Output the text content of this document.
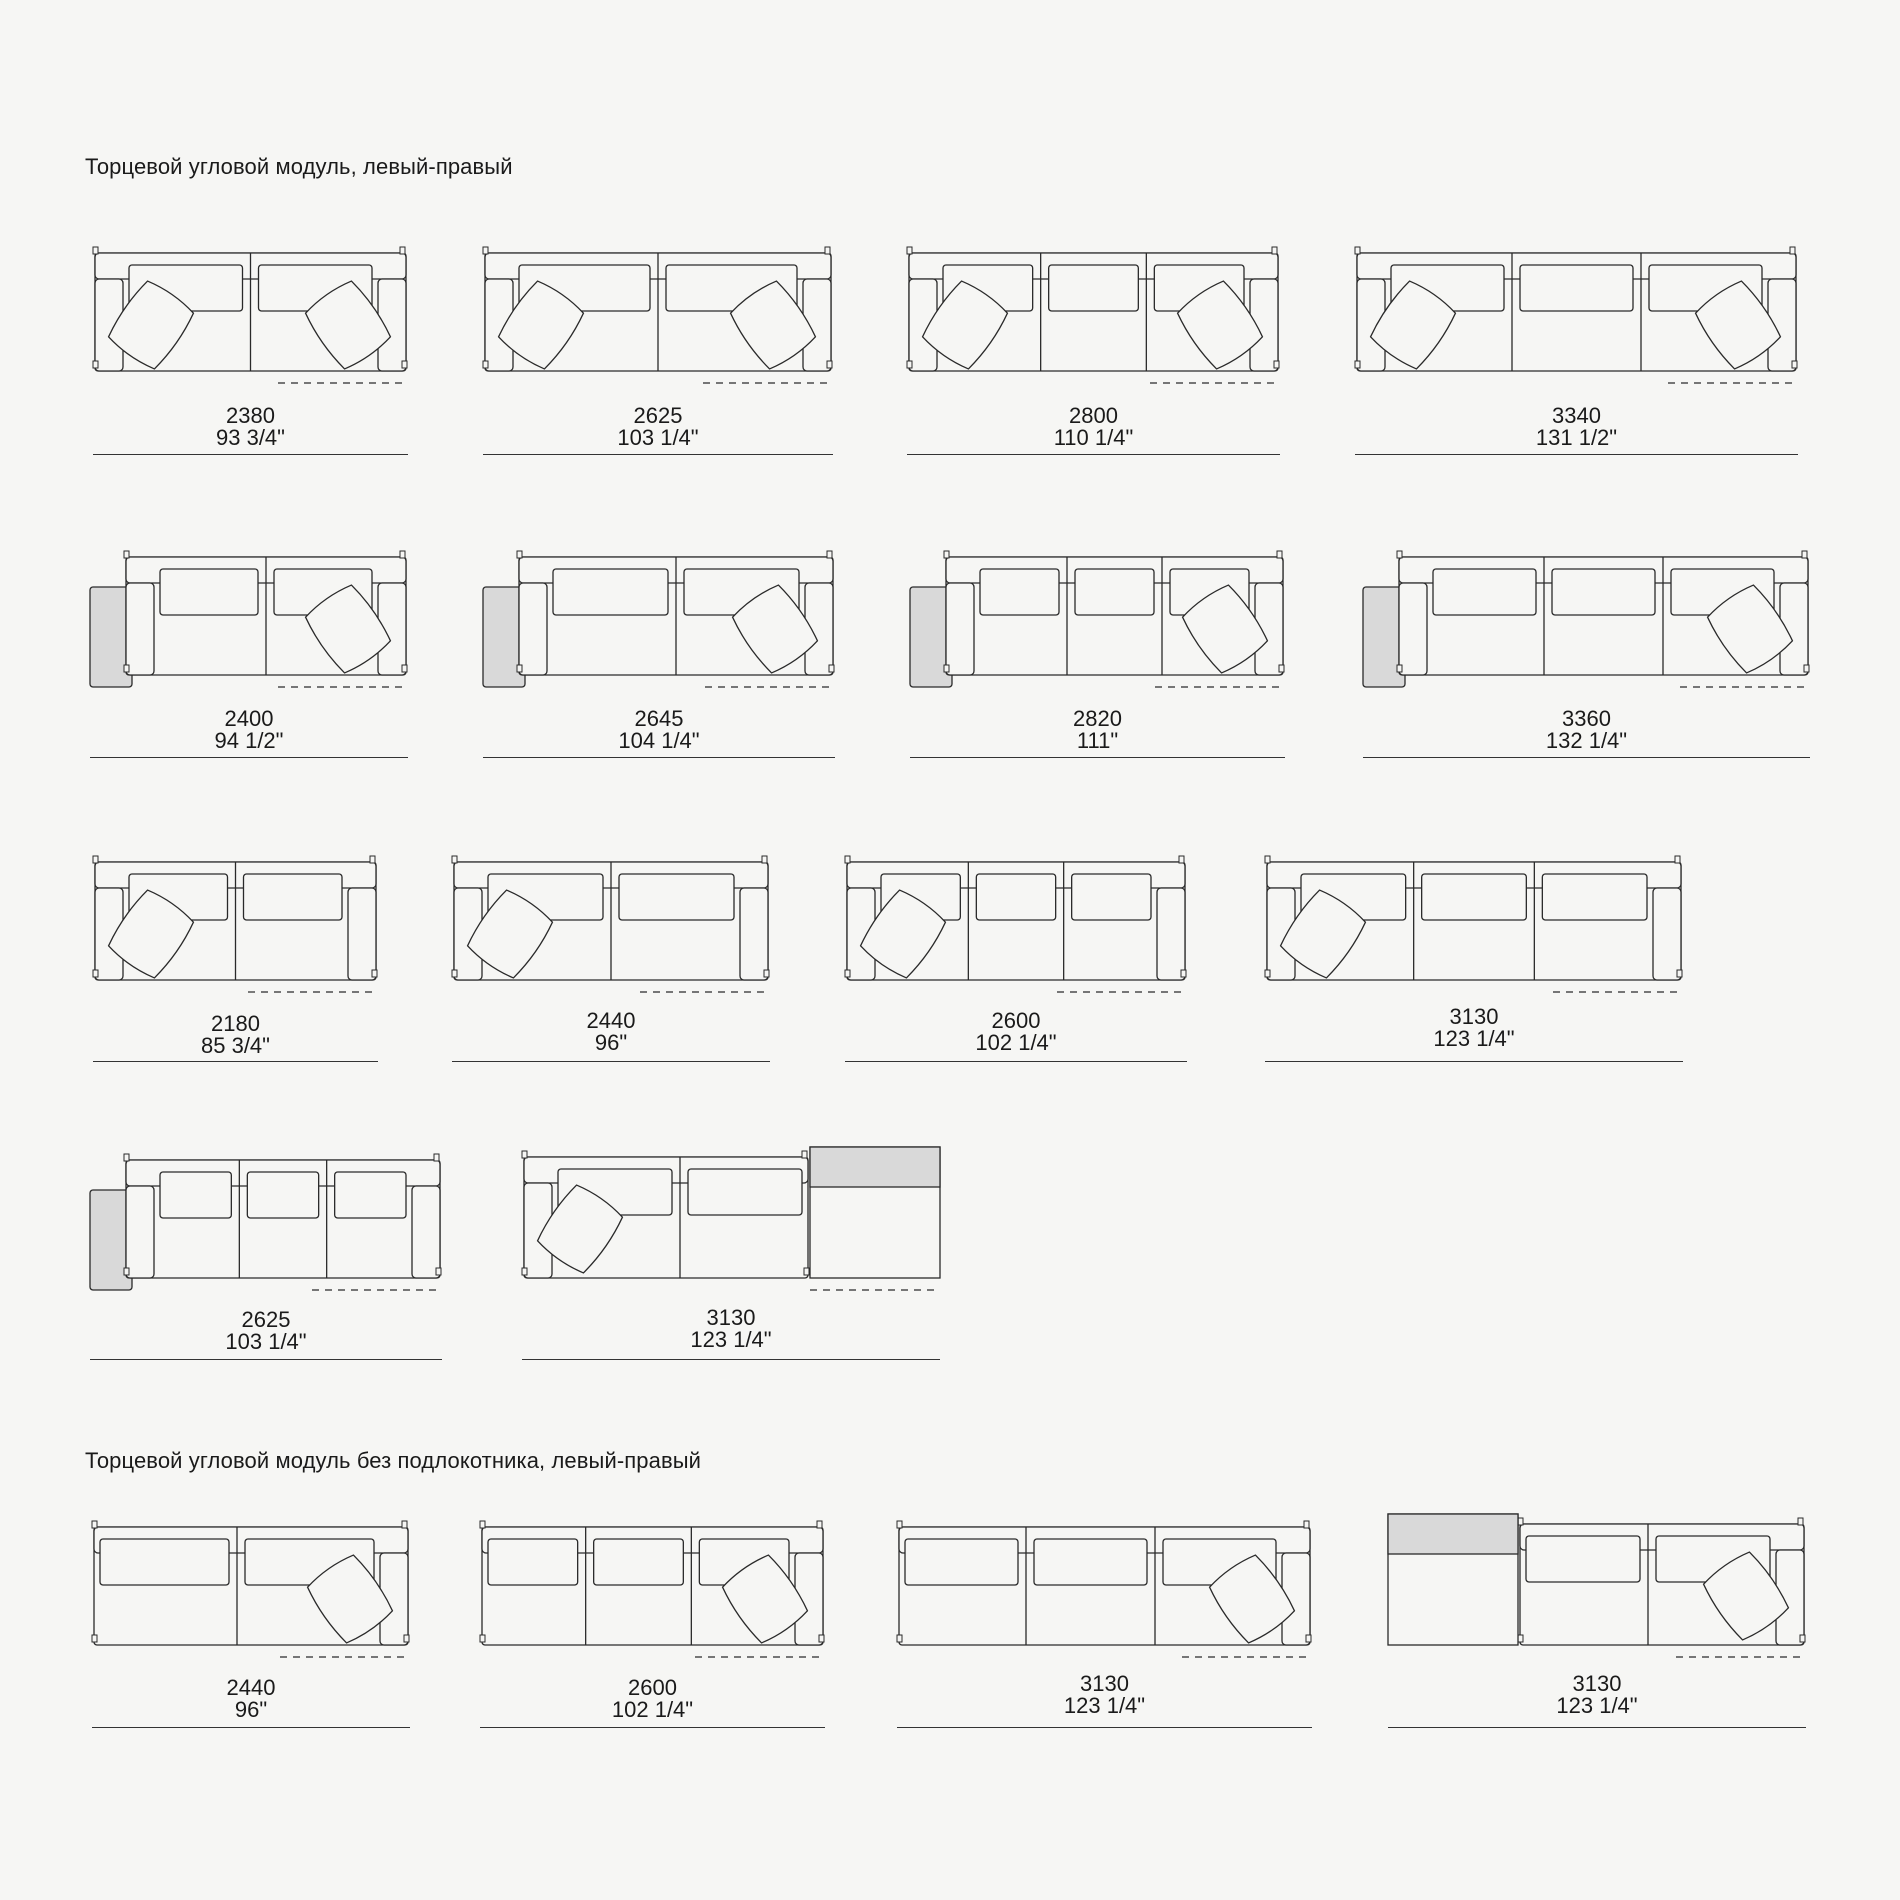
Торцевой угловой модуль, левый-правый
Торцевой угловой модуль без подлокотника, левый-правый
2380
93 3/4"
2625
103 1/4"
2800
110 1/4"
3340
131 1/2"
2400
94 1/2"
2645
104 1/4"
2820
111"
3360
132 1/4"
2180
85 3/4"
2440
96"
2600
102 1/4"
3130
123 1/4"
2625
103 1/4"
3130
123 1/4"
2440
96"
2600
102 1/4"
3130
123 1/4"
3130
123 1/4"
